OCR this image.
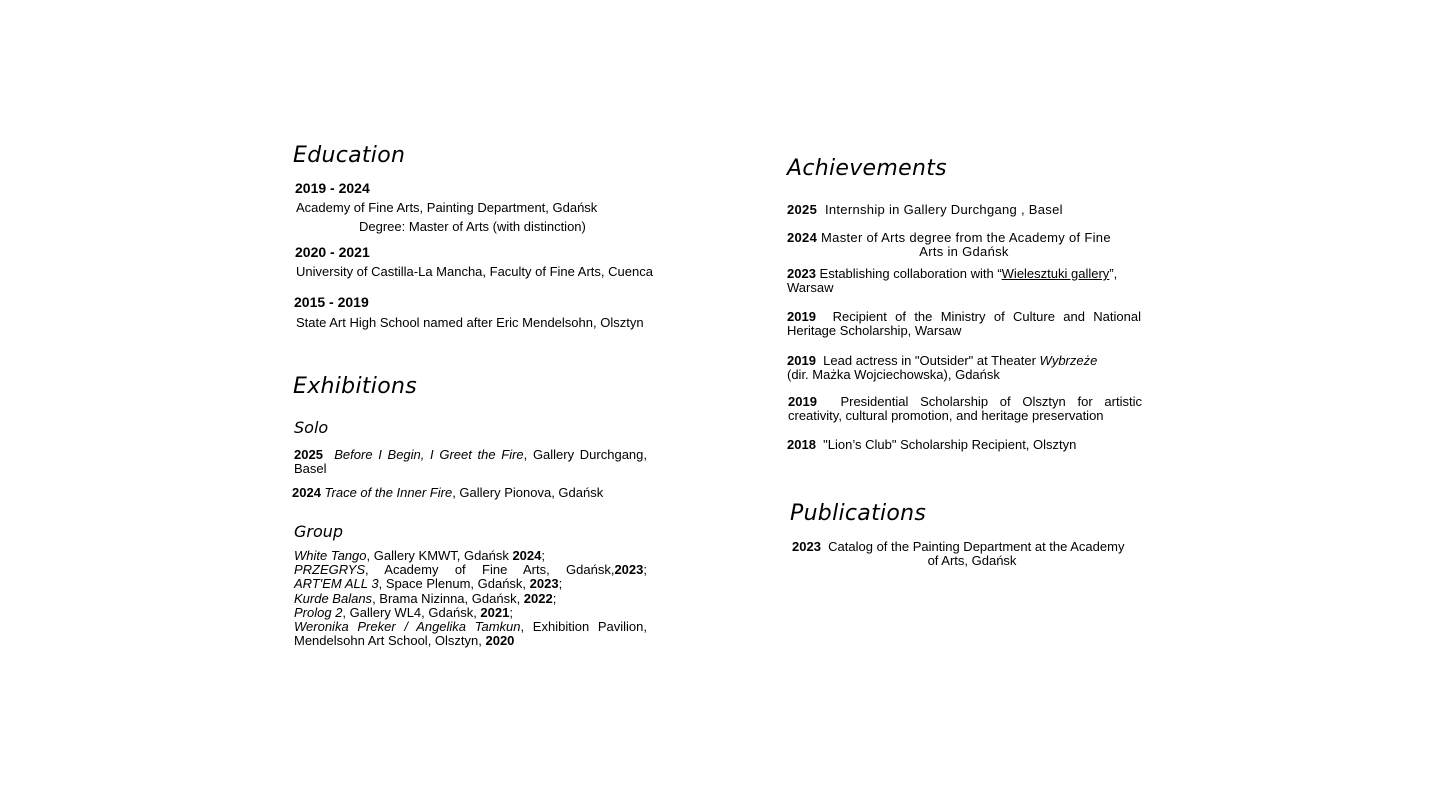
Education
2019 - 2024
Academy of Fine Arts, Painting Department, Gdańsk
Degree: Master of Arts (with distinction)
2020 - 2021
University of Castilla-La Mancha, Faculty of Fine Arts, Cuenca
2015 - 2019
State Art High School named after Eric Mendelsohn, Olsztyn
Exhibitions
Solo
2025 Before I Begin, I Greet the Fire, Gallery Durchgang, Basel
2024 Trace of the Inner Fire, Gallery Pionova, Gdańsk
Group
White Tango, Gallery KMWT, Gdańsk 2024;
PRZEGRYS, Academy of Fine Arts, Gdańsk,2023;
ART'EM ALL 3, Space Plenum, Gdańsk, 2023;
Kurde Balans, Brama Nizinna, Gdańsk, 2022;
Prolog 2, Gallery WL4, Gdańsk, 2021;
Weronika Preker / Angelika Tamkun, Exhibition Pavilion, Mendelsohn Art School, Olsztyn, 2020
Achievements
2025 Internship in Gallery Durchgang , Basel
2024 Master of Arts degree from the Academy of Fine
Arts in Gdańsk
2023 Establishing collaboration with “Wielesztuki gallery”,
Warsaw
2019 Recipient of the Ministry of Culture and National
Heritage Scholarship, Warsaw
2019 Lead actress in "Outsider" at Theater Wybrzeże
(dir. Mażka Wojciechowska), Gdańsk
2019 Presidential Scholarship of Olsztyn for artistic
creativity, cultural promotion, and heritage preservation
2018 "Lion’s Club" Scholarship Recipient, Olsztyn
Publications
2023 Catalog of the Painting Department at the Academy
of Arts, Gdańsk
